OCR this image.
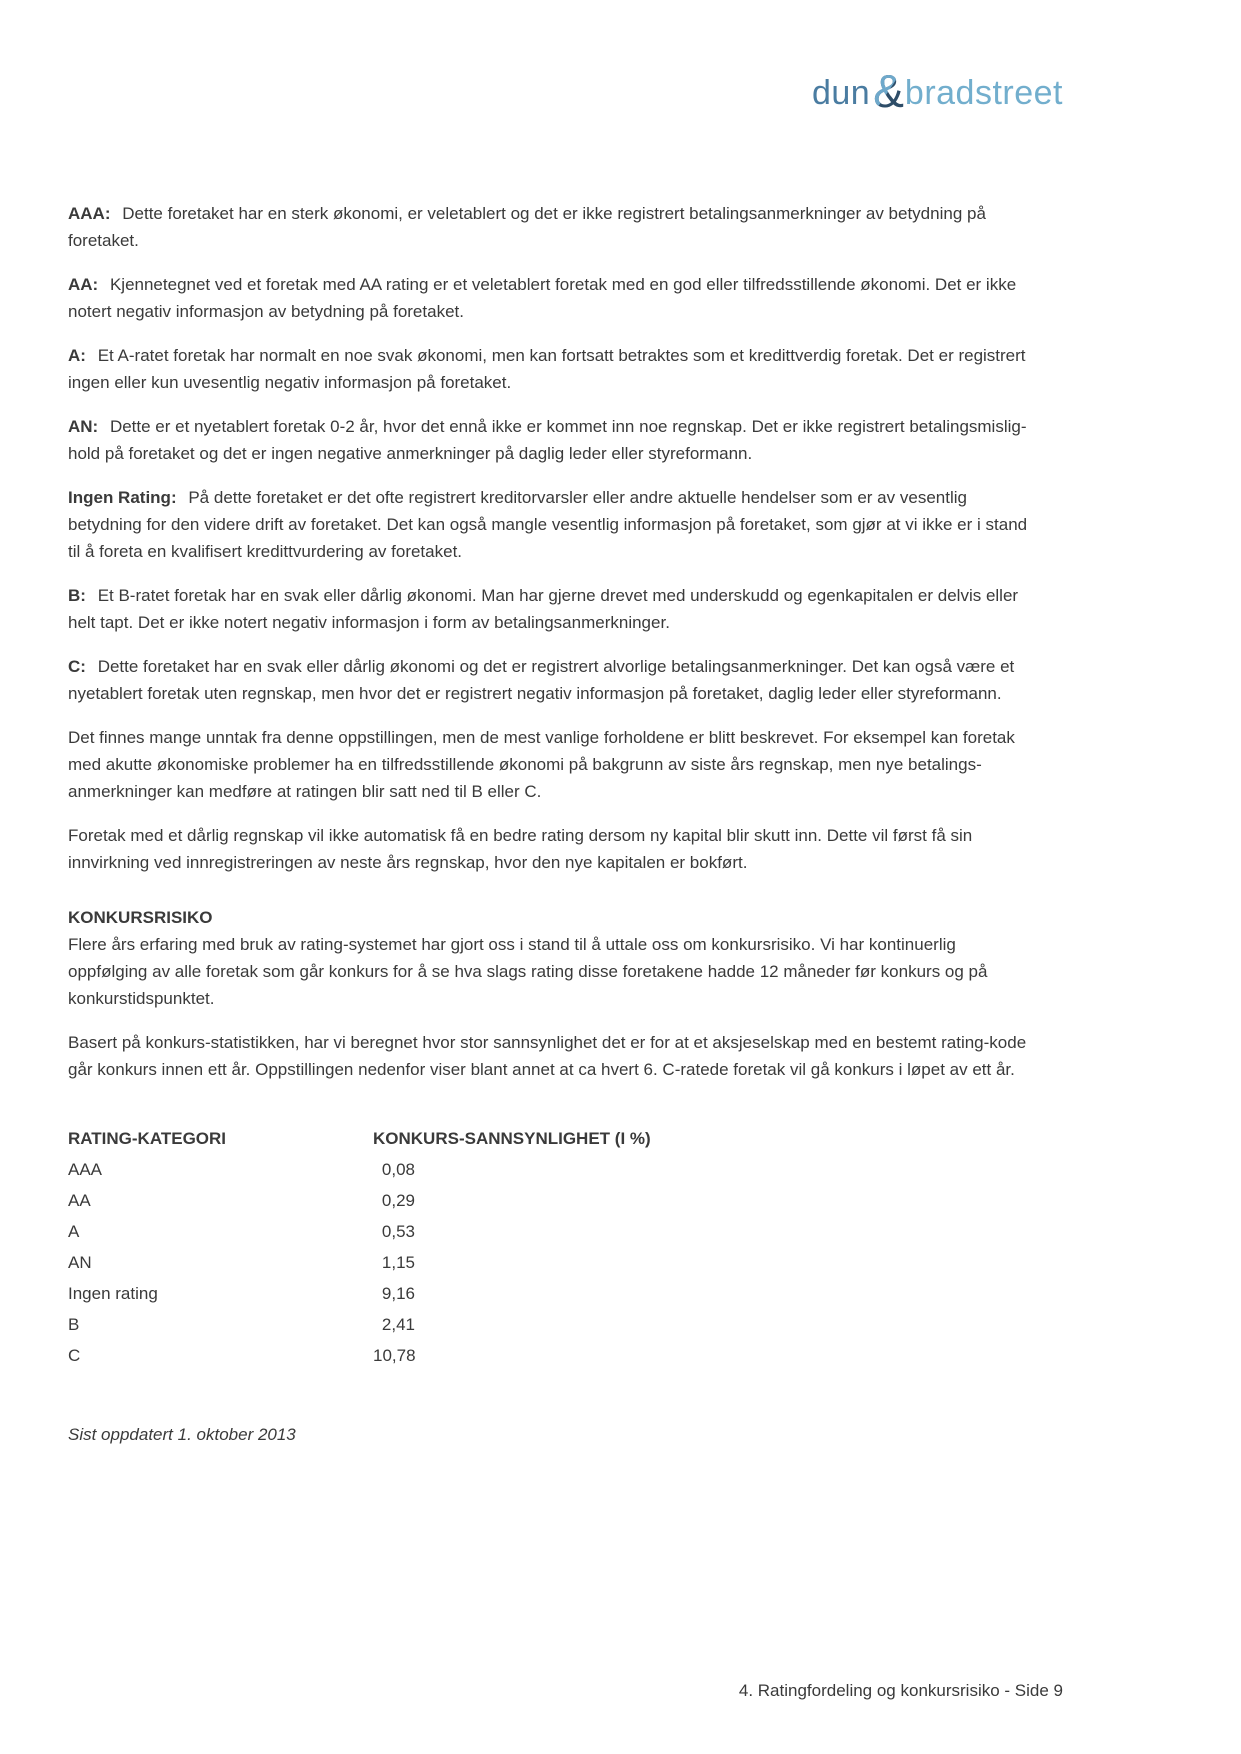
dun & & bradstreet

AAA: Dette foretaket har en sterk økonomi, er veletablert og det er ikke registrert betalingsanmerkninger av betydning på foretaket.

AA: Kjennetegnet ved et foretak med AA rating er et veletablert foretak med en god eller tilfredsstillende økonomi. Det er ikke notert negativ informasjon av betydning på foretaket.

A: Et A-ratet foretak har normalt en noe svak økonomi, men kan fortsatt betraktes som et kredittverdig foretak. Det er registrert ingen eller kun uvesentlig negativ informasjon på foretaket.

AN: Dette er et nyetablert foretak 0-2 år, hvor det ennå ikke er kommet inn noe regnskap. Det er ikke registrert betalingsmislig- hold på foretaket og det er ingen negative anmerkninger på daglig leder eller styreformann.

Ingen Rating: På dette foretaket er det ofte registrert kreditorvarsler eller andre aktuelle hendelser som er av vesentlig betydning for den videre drift av foretaket. Det kan også mangle vesentlig informasjon på foretaket, som gjør at vi ikke er i stand til å foreta en kvalifisert kredittvurdering av foretaket.

B: Et B-ratet foretak har en svak eller dårlig økonomi. Man har gjerne drevet med underskudd og egenkapitalen er delvis eller helt tapt. Det er ikke notert negativ informasjon i form av betalingsanmerkninger.

C: Dette foretaket har en svak eller dårlig økonomi og det er registrert alvorlige betalingsanmerkninger. Det kan også være et nyetablert foretak uten regnskap, men hvor det er registrert negativ informasjon på foretaket, daglig leder eller styreformann.

Det finnes mange unntak fra denne oppstillingen, men de mest vanlige forholdene er blitt beskrevet. For eksempel kan foretak med akutte økonomiske problemer ha en tilfredsstillende økonomi på bakgrunn av siste års regnskap, men nye betalings- anmerkninger kan medføre at ratingen blir satt ned til B eller C.

Foretak med et dårlig regnskap vil ikke automatisk få en bedre rating dersom ny kapital blir skutt inn. Dette vil først få sin innvirkning ved innregistreringen av neste års regnskap, hvor den nye kapitalen er bokført.

KONKURSRISIKO

Flere års erfaring med bruk av rating-systemet har gjort oss i stand til å uttale oss om konkursrisiko. Vi har kontinuerlig oppfølging av alle foretak som går konkurs for å se hva slags rating disse foretakene hadde 12 måneder før konkurs og på konkurstidspunktet.

Basert på konkurs-statistikken, har vi beregnet hvor stor sannsynlighet det er for at et aksjeselskap med en bestemt rating-kode går konkurs innen ett år. Oppstillingen nedenfor viser blant annet at ca hvert 6. C-ratede foretak vil gå konkurs i løpet av ett år.

RATING-KATEGORI	KONKURS-SANNSYNLIGHET (I %)
AAA	0,08
AA	0,29
A	0,53
AN	1,15
Ingen rating	9,16
B	2,41
C	10,78

Sist oppdatert 1. oktober 2013

4. Ratingfordeling og konkursrisiko - Side 9
